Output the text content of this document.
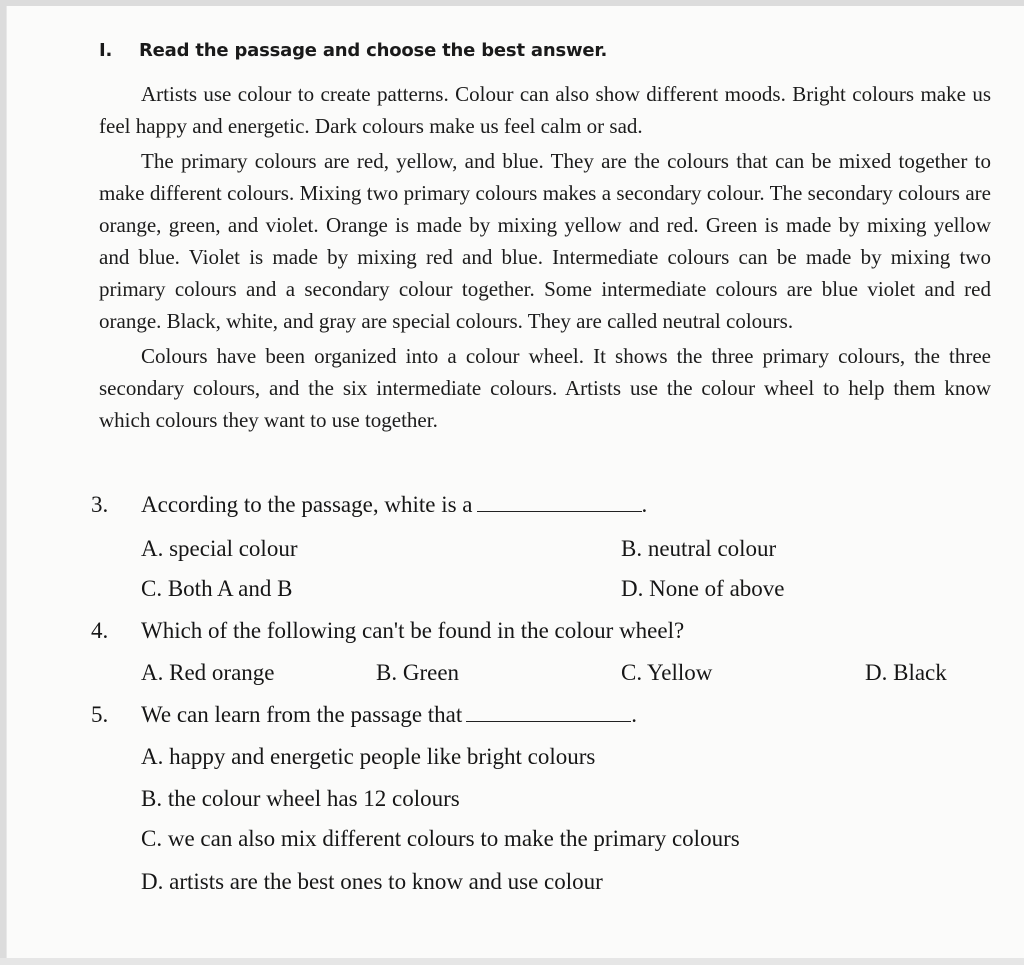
I. Read the passage and choose the best answer.

Artists use colour to create patterns. Colour can also show different moods. Bright colours make us feel happy and energetic. Dark colours make us feel calm or sad.

The primary colours are red, yellow, and blue. They are the colours that can be mixed together to make different colours. Mixing two primary colours makes a secondary colour. The secondary colours are orange, green, and violet. Orange is made by mixing yellow and red. Green is made by mixing yellow and blue. Violet is made by mixing red and blue. Intermediate colours can be made by mixing two primary colours and a secondary colour together. Some intermediate colours are blue violet and red orange. Black, white, and gray are special colours. They are called neutral colours.

Colours have been organized into a colour wheel. It shows the three primary colours, the three secondary colours, and the six intermediate colours. Artists use the colour wheel to help them know which colours they want to use together.

3. According to the passage, white is a	.
A. special colour	B. neutral colour
C. Both A and B	D. None of above
4. Which of the following can't be found in the colour wheel?
A. Red orange	B. Green	C. Yellow	D. Black
5. We can learn from the passage that	.
A. happy and energetic people like bright colours
B. the colour wheel has 12 colours
C. we can also mix different colours to make the primary colours
D. artists are the best ones to know and use colour
